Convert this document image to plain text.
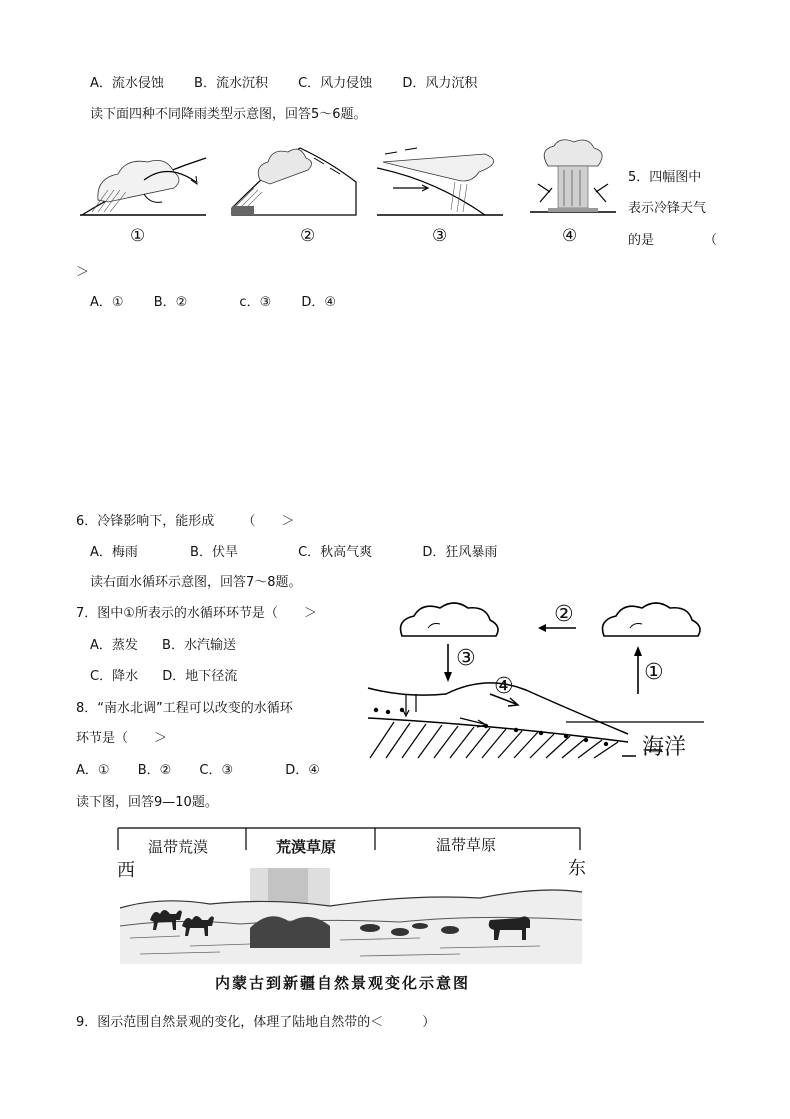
A．流水侵蚀 B．流水沉积 C．风力侵蚀 D．风力沉积
读下面四种不同降雨类型示意图，回答5～6题。
①	②	③	④
5．四幅图中
表示冷锋天气
的是	（
＞
A．① B．②	c．③ D．④
6．冷锋影响下，能形成 （　　＞
A．梅雨	B．伏旱	C．秋高气爽	D．狂风暴雨
读右面水循环示意图，回答7～8题。
7．图中①所表示的水循环环节是（　　＞
A．蒸发 B．水汽输送
C．降水 D．地下径流
8．“南水北调”工程可以改变的水循环
环节是（　　＞
A．① B．② C．③	D．④
①
②
③
④
海洋
读下图，回答9—10题。
温带荒漠	荒漠草原	温带草原
西	东
内蒙古到新疆自然景观变化示意图
9．图示范围自然景观的变化，体理了陆地自然带的＜　　　）
